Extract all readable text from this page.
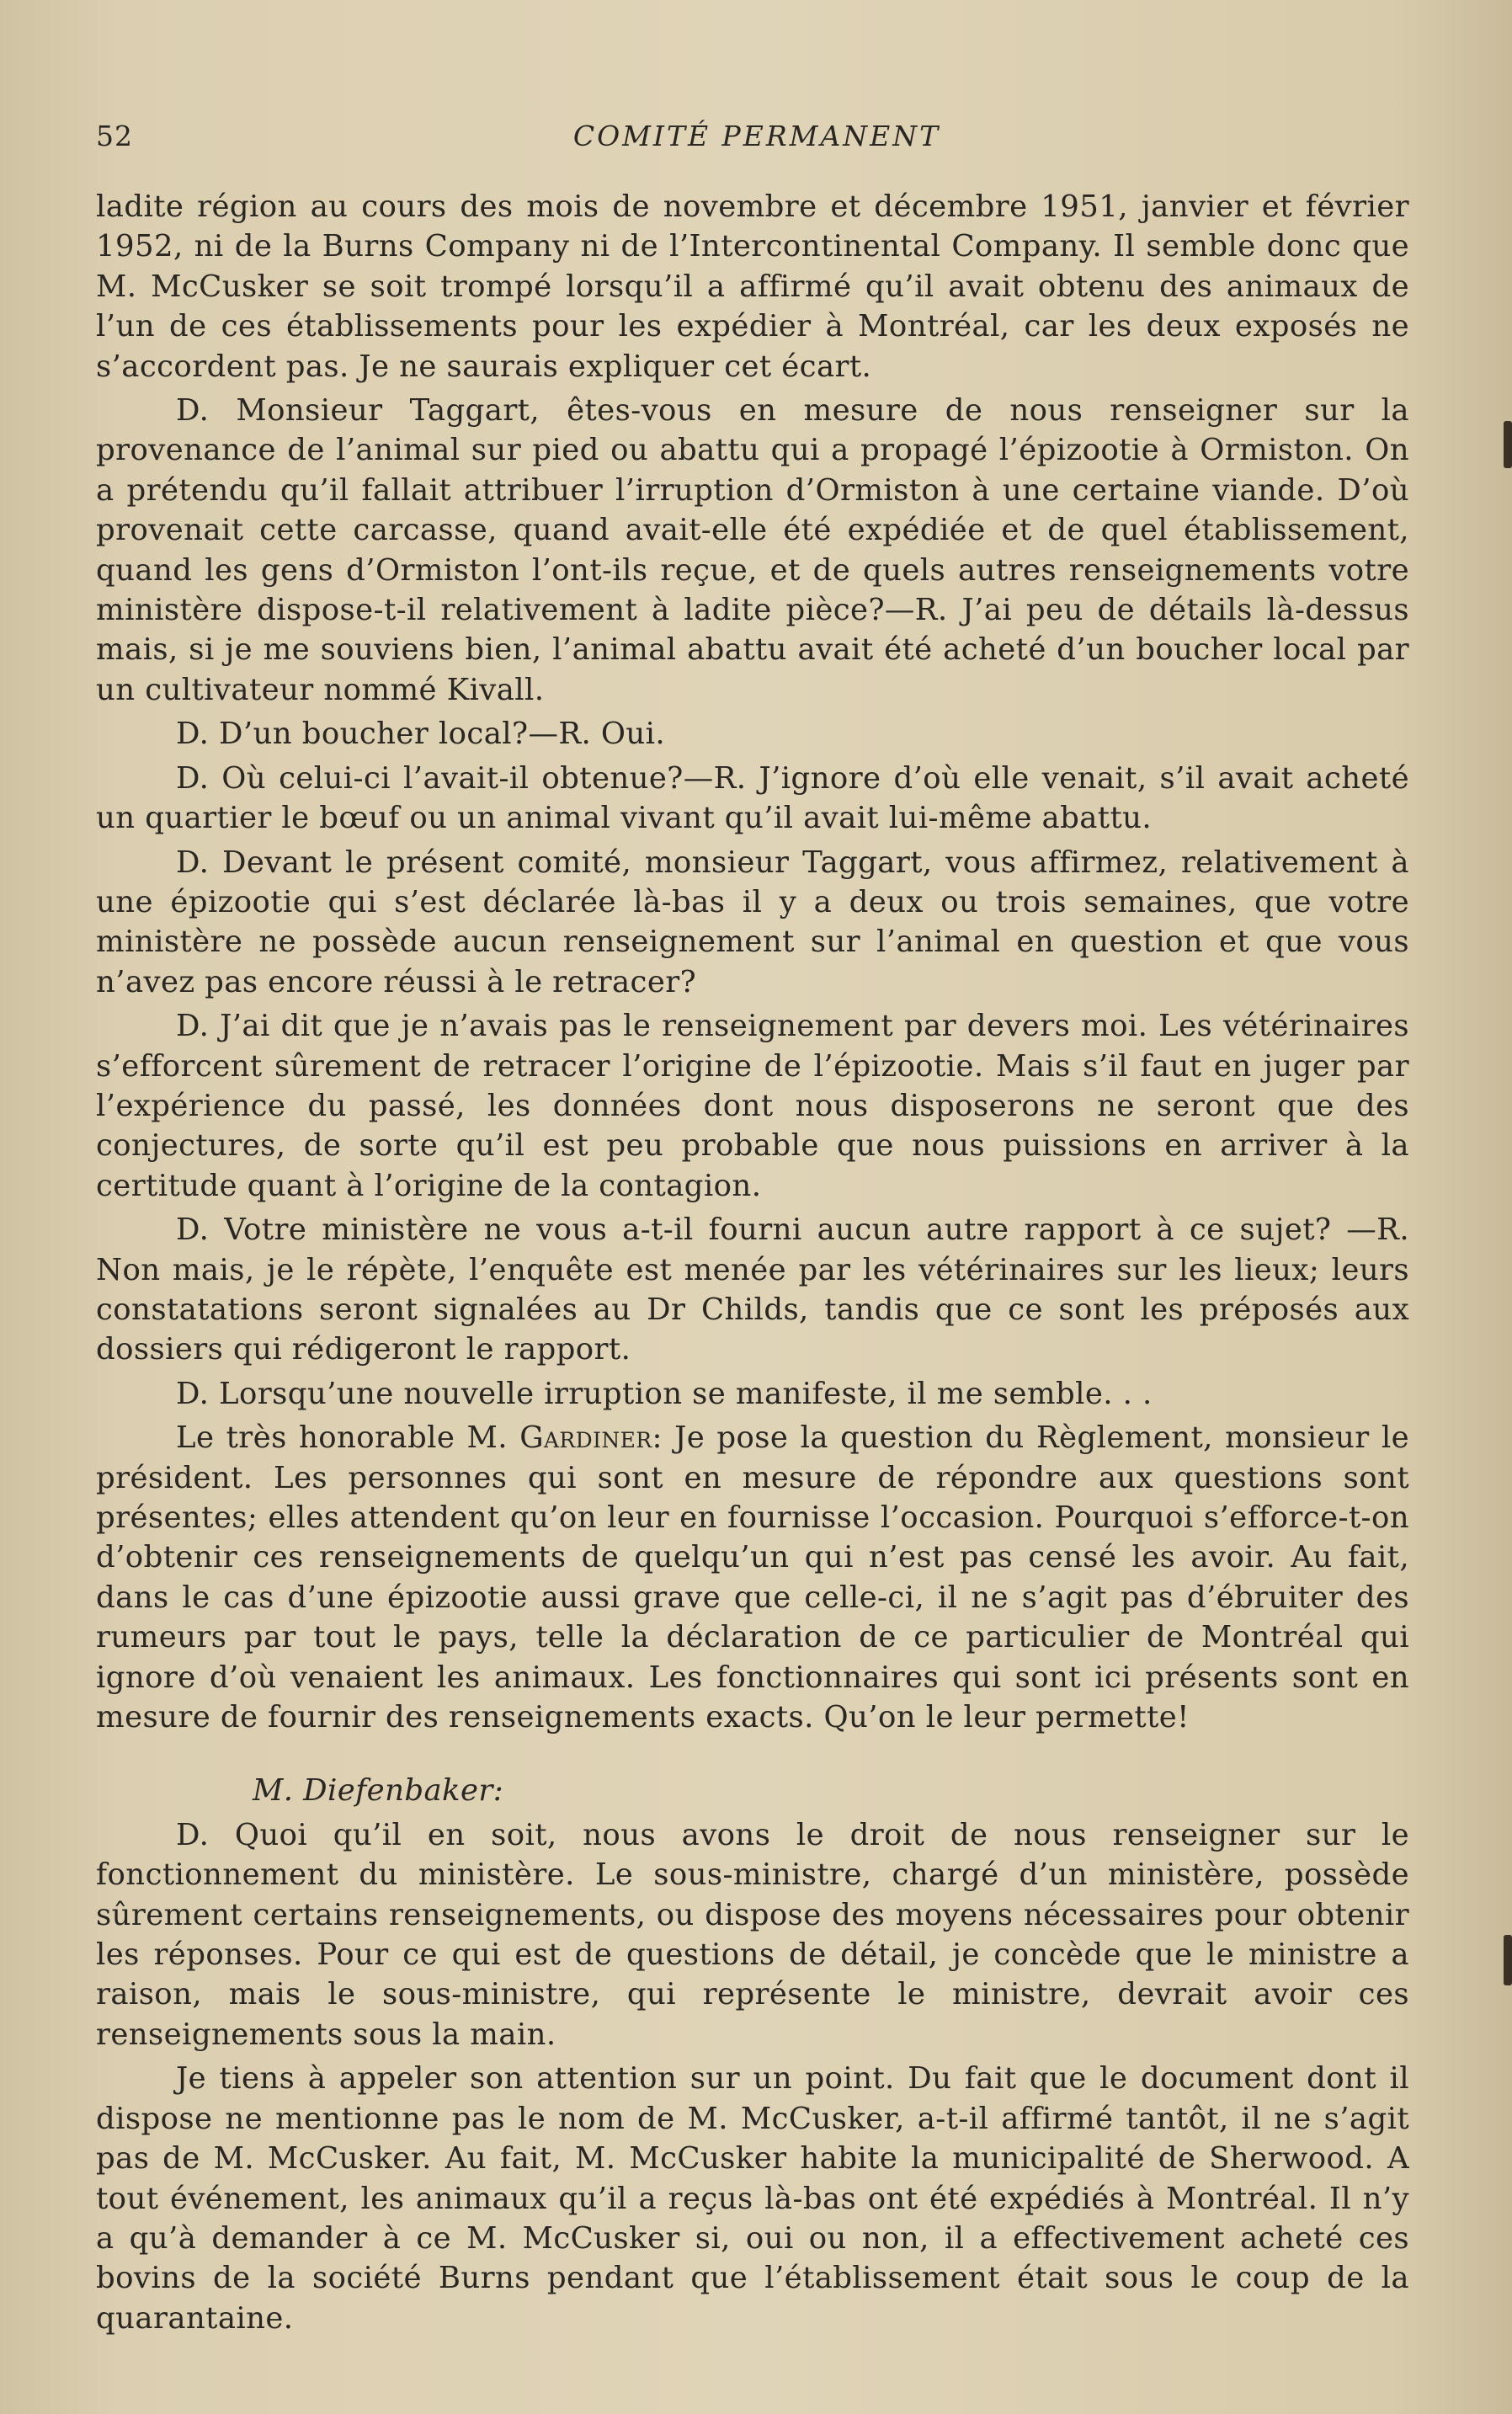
52	COMITÉ PERMANENT

ladite région au cours des mois de novembre et décembre 1951, janvier et février 1952, ni de la Burns Company ni de l’Intercontinental Company. Il semble donc que M. McCusker se soit trompé lorsqu’il a affirmé qu’il avait obtenu des animaux de l’un de ces établissements pour les expédier à Montréal, car les deux exposés ne s’accordent pas. Je ne saurais expliquer cet écart.

D. Monsieur Taggart, êtes-vous en mesure de nous renseigner sur la provenance de l’animal sur pied ou abattu qui a propagé l’épizootie à Ormiston. On a prétendu qu’il fallait attribuer l’irruption d’Ormiston à une certaine viande. D’où provenait cette carcasse, quand avait-elle été expédiée et de quel établissement, quand les gens d’Ormiston l’ont-ils reçue, et de quels autres renseignements votre ministère dispose-t-il relativement à ladite pièce?—R. J’ai peu de détails là-dessus mais, si je me souviens bien, l’animal abattu avait été acheté d’un boucher local par un cultivateur nommé Kivall.

D. D’un boucher local?—R. Oui.

D. Où celui-ci l’avait-il obtenue?—R. J’ignore d’où elle venait, s’il avait acheté un quartier le bœuf ou un animal vivant qu’il avait lui-même abattu.

D. Devant le présent comité, monsieur Taggart, vous affirmez, relativement à une épizootie qui s’est déclarée là-bas il y a deux ou trois semaines, que votre ministère ne possède aucun renseignement sur l’animal en question et que vous n’avez pas encore réussi à le retracer?

D. J’ai dit que je n’avais pas le renseignement par devers moi. Les vétérinaires s’efforcent sûrement de retracer l’origine de l’épizootie. Mais s’il faut en juger par l’expérience du passé, les données dont nous disposerons ne seront que des conjectures, de sorte qu’il est peu probable que nous puissions en arriver à la certitude quant à l’origine de la contagion.

D. Votre ministère ne vous a-t-il fourni aucun autre rapport à ce sujet? —R. Non mais, je le répète, l’enquête est menée par les vétérinaires sur les lieux; leurs constatations seront signalées au Dr Childs, tandis que ce sont les préposés aux dossiers qui rédigeront le rapport.

D. Lorsqu’une nouvelle irruption se manifeste, il me semble. . .

Le très honorable M. Gardiner: Je pose la question du Règlement, monsieur le président. Les personnes qui sont en mesure de répondre aux questions sont présentes; elles attendent qu’on leur en fournisse l’occasion. Pourquoi s’efforce-t-on d’obtenir ces renseignements de quelqu’un qui n’est pas censé les avoir. Au fait, dans le cas d’une épizootie aussi grave que celle-ci, il ne s’agit pas d’ébruiter des rumeurs par tout le pays, telle la déclaration de ce particulier de Montréal qui ignore d’où venaient les animaux. Les fonctionnaires qui sont ici présents sont en mesure de fournir des renseignements exacts. Qu’on le leur permette!

M. Diefenbaker:

D. Quoi qu’il en soit, nous avons le droit de nous renseigner sur le fonctionnement du ministère. Le sous-ministre, chargé d’un ministère, possède sûrement certains renseignements, ou dispose des moyens nécessaires pour obtenir les réponses. Pour ce qui est de questions de détail, je concède que le ministre a raison, mais le sous-ministre, qui représente le ministre, devrait avoir ces renseignements sous la main.

Je tiens à appeler son attention sur un point. Du fait que le document dont il dispose ne mentionne pas le nom de M. McCusker, a-t-il affirmé tantôt, il ne s’agit pas de M. McCusker. Au fait, M. McCusker habite la municipalité de Sherwood. A tout événement, les animaux qu’il a reçus là-bas ont été expédiés à Montréal. Il n’y a qu’à demander à ce M. McCusker si, oui ou non, il a effectivement acheté ces bovins de la société Burns pendant que l’établissement était sous le coup de la quarantaine.
